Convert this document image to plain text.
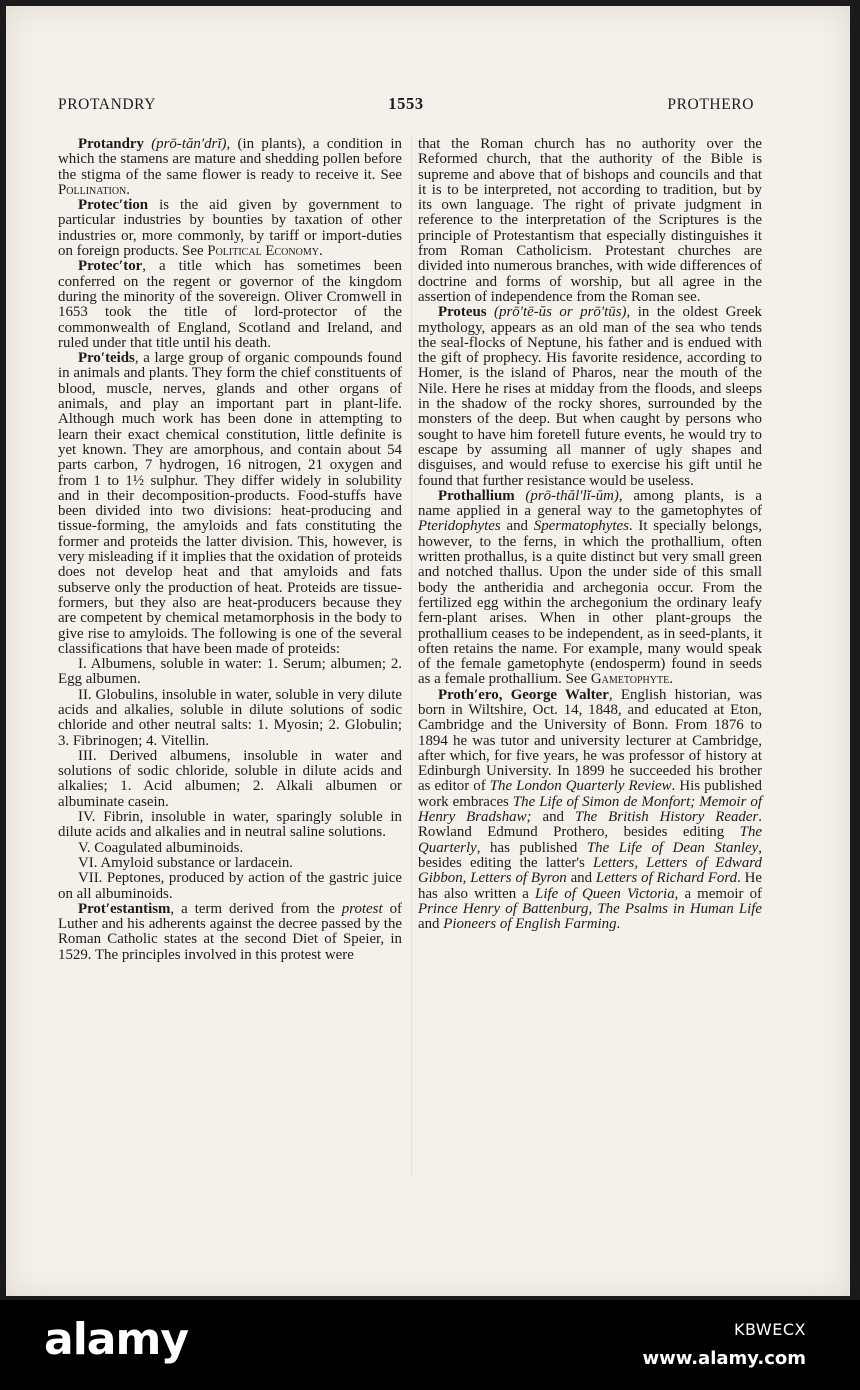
PROTANDRY	1553	PROTHERO

Protandry (prō-tăn′drĭ), (in plants), a condition in which the stamens are mature and shedding pollen before the stigma of the same flower is ready to receive it. See Pollination.

Protec′tion is the aid given by government to particular industries by bounties by taxation of other industries or, more commonly, by tariff or import-duties on foreign products. See Political Economy.

Protec′tor, a title which has sometimes been conferred on the regent or governor of the kingdom during the minority of the sovereign. Oliver Cromwell in 1653 took the title of lord-protector of the commonwealth of England, Scotland and Ireland, and ruled under that title until his death.

Pro′teids, a large group of organic compounds found in animals and plants. They form the chief constituents of blood, muscle, nerves, glands and other organs of animals, and play an important part in plant-life. Although much work has been done in attempting to learn their exact chemical constitution, little definite is yet known. They are amorphous, and contain about 54 parts carbon, 7 hydrogen, 16 nitrogen, 21 oxygen and from 1 to 1½ sulphur. They differ widely in solubility and in their decomposition-products. Food-stuffs have been divided into two divisions: heat-producing and tissue-forming, the amyloids and fats constituting the former and proteids the latter division. This, however, is very misleading if it implies that the oxidation of proteids does not develop heat and that amyloids and fats subserve only the production of heat. Proteids are tissue-formers, but they also are heat-producers because they are competent by chemical metamorphosis in the body to give rise to amyloids. The following is one of the several classifications that have been made of proteids:

I. Albumens, soluble in water: 1. Serum; albumen; 2. Egg albumen.

II. Globulins, insoluble in water, soluble in very dilute acids and alkalies, soluble in dilute solutions of sodic chloride and other neutral salts: 1. Myosin; 2. Globulin; 3. Fibrinogen; 4. Vitellin.

III. Derived albumens, insoluble in water and solutions of sodic chloride, soluble in dilute acids and alkalies; 1. Acid albumen; 2. Alkali albumen or albuminate casein.

IV. Fibrin, insoluble in water, sparingly soluble in dilute acids and alkalies and in neutral saline solutions.

V. Coagulated albuminoids.

VI. Amyloid substance or lardacein.

VII. Peptones, produced by action of the gastric juice on all albuminoids.

Prot′estantism, a term derived from the protest of Luther and his adherents against the decree passed by the Roman Catholic states at the second Diet of Speier, in 1529. The principles involved in this protest were

that the Roman church has no authority over the Reformed church, that the authority of the Bible is supreme and above that of bishops and councils and that it is to be interpreted, not according to tradition, but by its own language. The right of private judgment in reference to the interpretation of the Scriptures is the principle of Protestantism that especially distinguishes it from Roman Catholicism. Protestant churches are divided into numerous branches, with wide differences of doctrine and forms of worship, but all agree in the assertion of independence from the Roman see.

Proteus (prō′tē-ŭs or prō′tūs), in the oldest Greek mythology, appears as an old man of the sea who tends the seal-flocks of Neptune, his father and is endued with the gift of prophecy. His favorite residence, according to Homer, is the island of Pharos, near the mouth of the Nile. Here he rises at midday from the floods, and sleeps in the shadow of the rocky shores, surrounded by the monsters of the deep. But when caught by persons who sought to have him foretell future events, he would try to escape by assuming all manner of ugly shapes and disguises, and would refuse to exercise his gift until he found that further resistance would be useless.

Prothallium (prō-thăl′lĭ-ŭm), among plants, is a name applied in a general way to the gametophytes of Pteridophytes and Spermatophytes. It specially belongs, however, to the ferns, in which the prothallium, often written prothallus, is a quite distinct but very small green and notched thallus. Upon the under side of this small body the antheridia and archegonia occur. From the fertilized egg within the archegonium the ordinary leafy fern-plant arises. When in other plant-groups the prothallium ceases to be independent, as in seed-plants, it often retains the name. For example, many would speak of the female gametophyte (endosperm) found in seeds as a female prothallium. See Gametophyte.

Proth′ero, George Walter, English historian, was born in Wiltshire, Oct. 14, 1848, and educated at Eton, Cambridge and the University of Bonn. From 1876 to 1894 he was tutor and university lecturer at Cambridge, after which, for five years, he was professor of history at Edinburgh University. In 1899 he succeeded his brother as editor of The London Quarterly Review. His published work embraces The Life of Simon de Monfort; Memoir of Henry Bradshaw; and The British History Reader. Rowland Edmund Prothero, besides editing The Quarterly, has published The Life of Dean Stanley, besides editing the latter's Letters, Letters of Edward Gibbon, Letters of Byron and Letters of Richard Ford. He has also written a Life of Queen Victoria, a memoir of Prince Henry of Battenburg, The Psalms in Human Life and Pioneers of English Farming.

alamy	KBWECX
www.alamy.com
